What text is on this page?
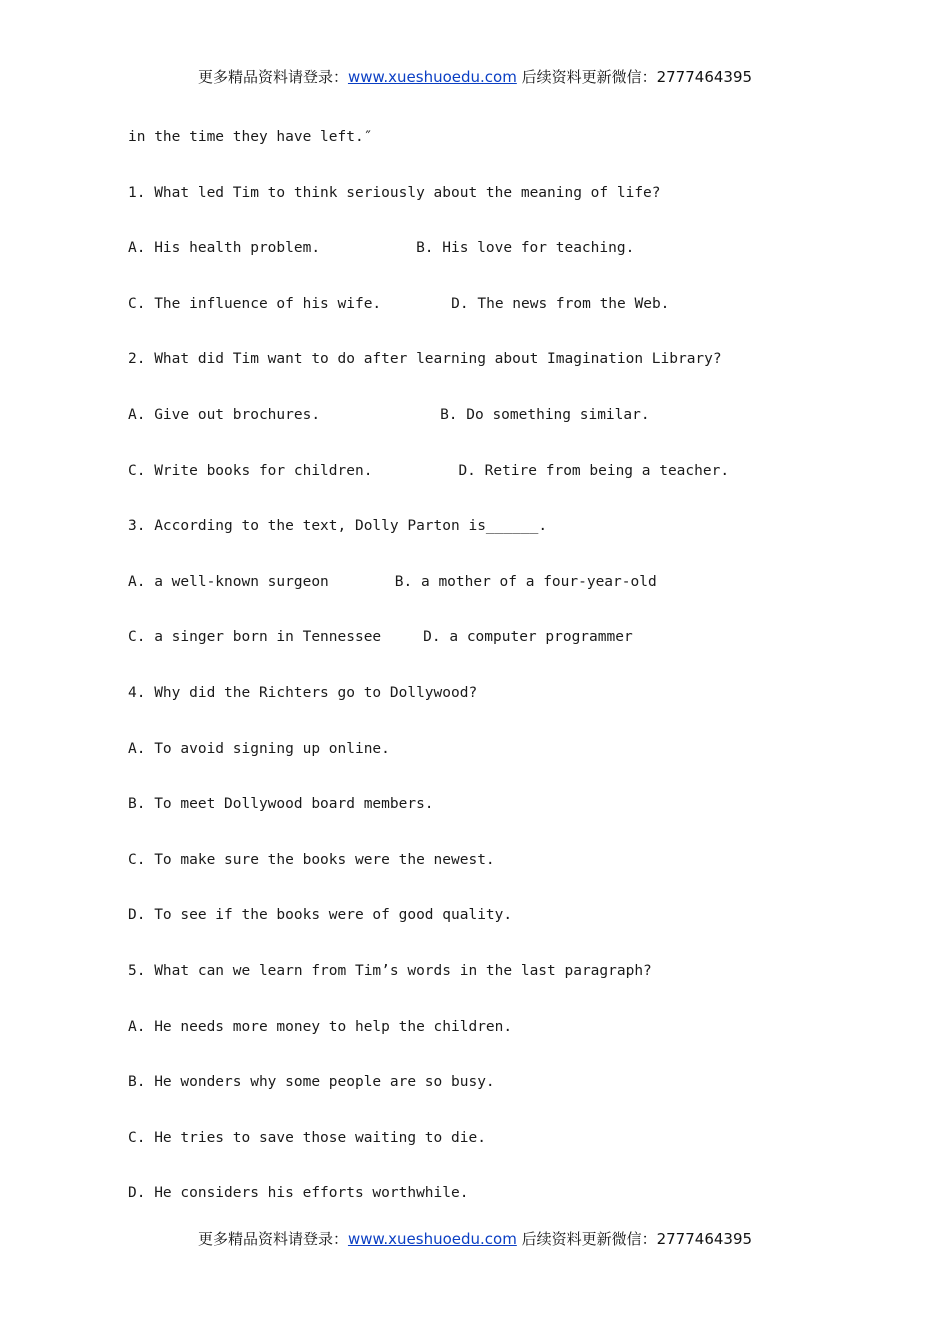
更多精品资料请登录：www.xueshuoedu.com 后续资料更新微信：2777464395
in the time they have left.″
1. What led Tim to think seriously about the meaning of life?
A. His health problem.	B. His love for teaching.
C. The influence of his wife.	D. The news from the Web.
2. What did Tim want to do after learning about Imagination Library?
A. Give out brochures.	B. Do something similar.
C. Write books for children.	D. Retire from being a teacher.
3. According to the text, Dolly Parton is______.
A. a well-known surgeon	B. a mother of a four-year-old
C. a singer born in Tennessee	D. a computer programmer
4. Why did the Richters go to Dollywood?
A. To avoid signing up online.
B. To meet Dollywood board members.
C. To make sure the books were the newest.
D. To see if the books were of good quality.
5. What can we learn from Tim’s words in the last paragraph?
A. He needs more money to help the children.
B. He wonders why some people are so busy.
C. He tries to save those waiting to die.
D. He considers his efforts worthwhile.
更多精品资料请登录：www.xueshuoedu.com 后续资料更新微信：2777464395
